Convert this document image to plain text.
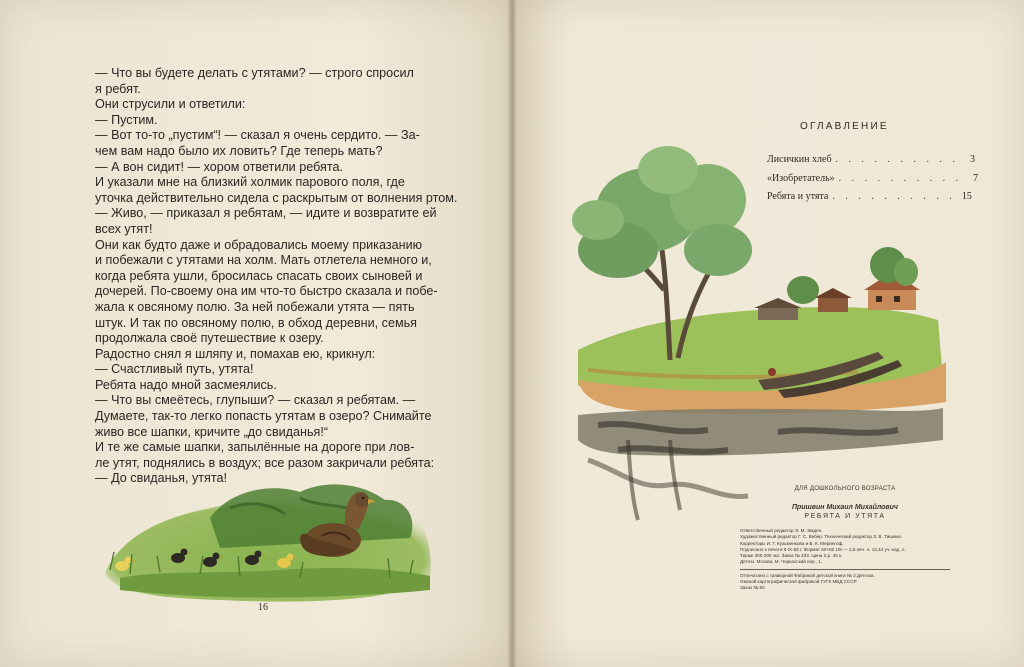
— Что вы будете делать с утятами? — строго спросил

я ребят.

Они струсили и ответили:

— Пустим.

— Вот то-то „пустим“! — сказал я очень сердито. — За-

чем вам надо было их ловить? Где теперь мать?

— А вон сидит! — хором ответили ребята.

И указали мне на близкий холмик парового поля, где

уточка действительно сидела с раскрытым от волнения ртом.

— Живо, — приказал я ребятам, — идите и возвратите ей

всех утят!

Они как будто даже и обрадовались моему приказанию

и побежали с утятами на холм. Мать отлетела немного и,

когда ребята ушли, бросилась спасать своих сыновей и

дочерей. По-своему она им что-то быстро сказала и побе-

жала к овсяному полю. За ней побежали утята — пять

штук. И так по овсяному полю, в обход деревни, семья

продолжала своё путешествие к озеру.

Радостно снял я шляпу и, помахав ею, крикнул:

— Счастливый путь, утята!

Ребята надо мной засмеялись.

— Что вы смеётесь, глупыши? — сказал я ребятам. —

Думаете, так-то легко попасть утятам в озеро? Снимайте

живо все шапки, кричите „до свиданья!“

И те же самые шапки, запылённые на дороге при лов-

ле утят, поднялись в воздух; все разом закричали ребята:

— До свиданья, утята!

16
ОГЛАВЛЕНИЕ
Лисичкин хлеб . . . . . . . . . .	3
«Изобретатель» . . . . . . . . . .	7
Ребята и утята . . . . . . . . . . 15
ДЛЯ ДОШКОЛЬНОГО ВОЗРАСТА
Пришвин Михаил Михайлович
РЕБЯТА И УТЯТА
Ответственный редактор Э. М. Эмден.
Художественный редактор Г. С. Вебер. Технический редактор З. В. Тишина.
Корректоры И. Г. Кузьменкова и В. К. Мерингоф.
Подписано к печати 6-IX-56 г. Формат 60×92 1/8 — 2,5 печ. л. 13,44 уч.-изд. л.
Тираж 300 000 экз. Заказ № 433. Цена 2 р. 40 к.
Детгиз. Москва, М. Черкасский пер., 1.
Отпечатано с гравюрной Фабрикой детской книги № 2 Детгиза.
Омской картографической фабрикой ГУГК МВД СССР
Заказ № 80
